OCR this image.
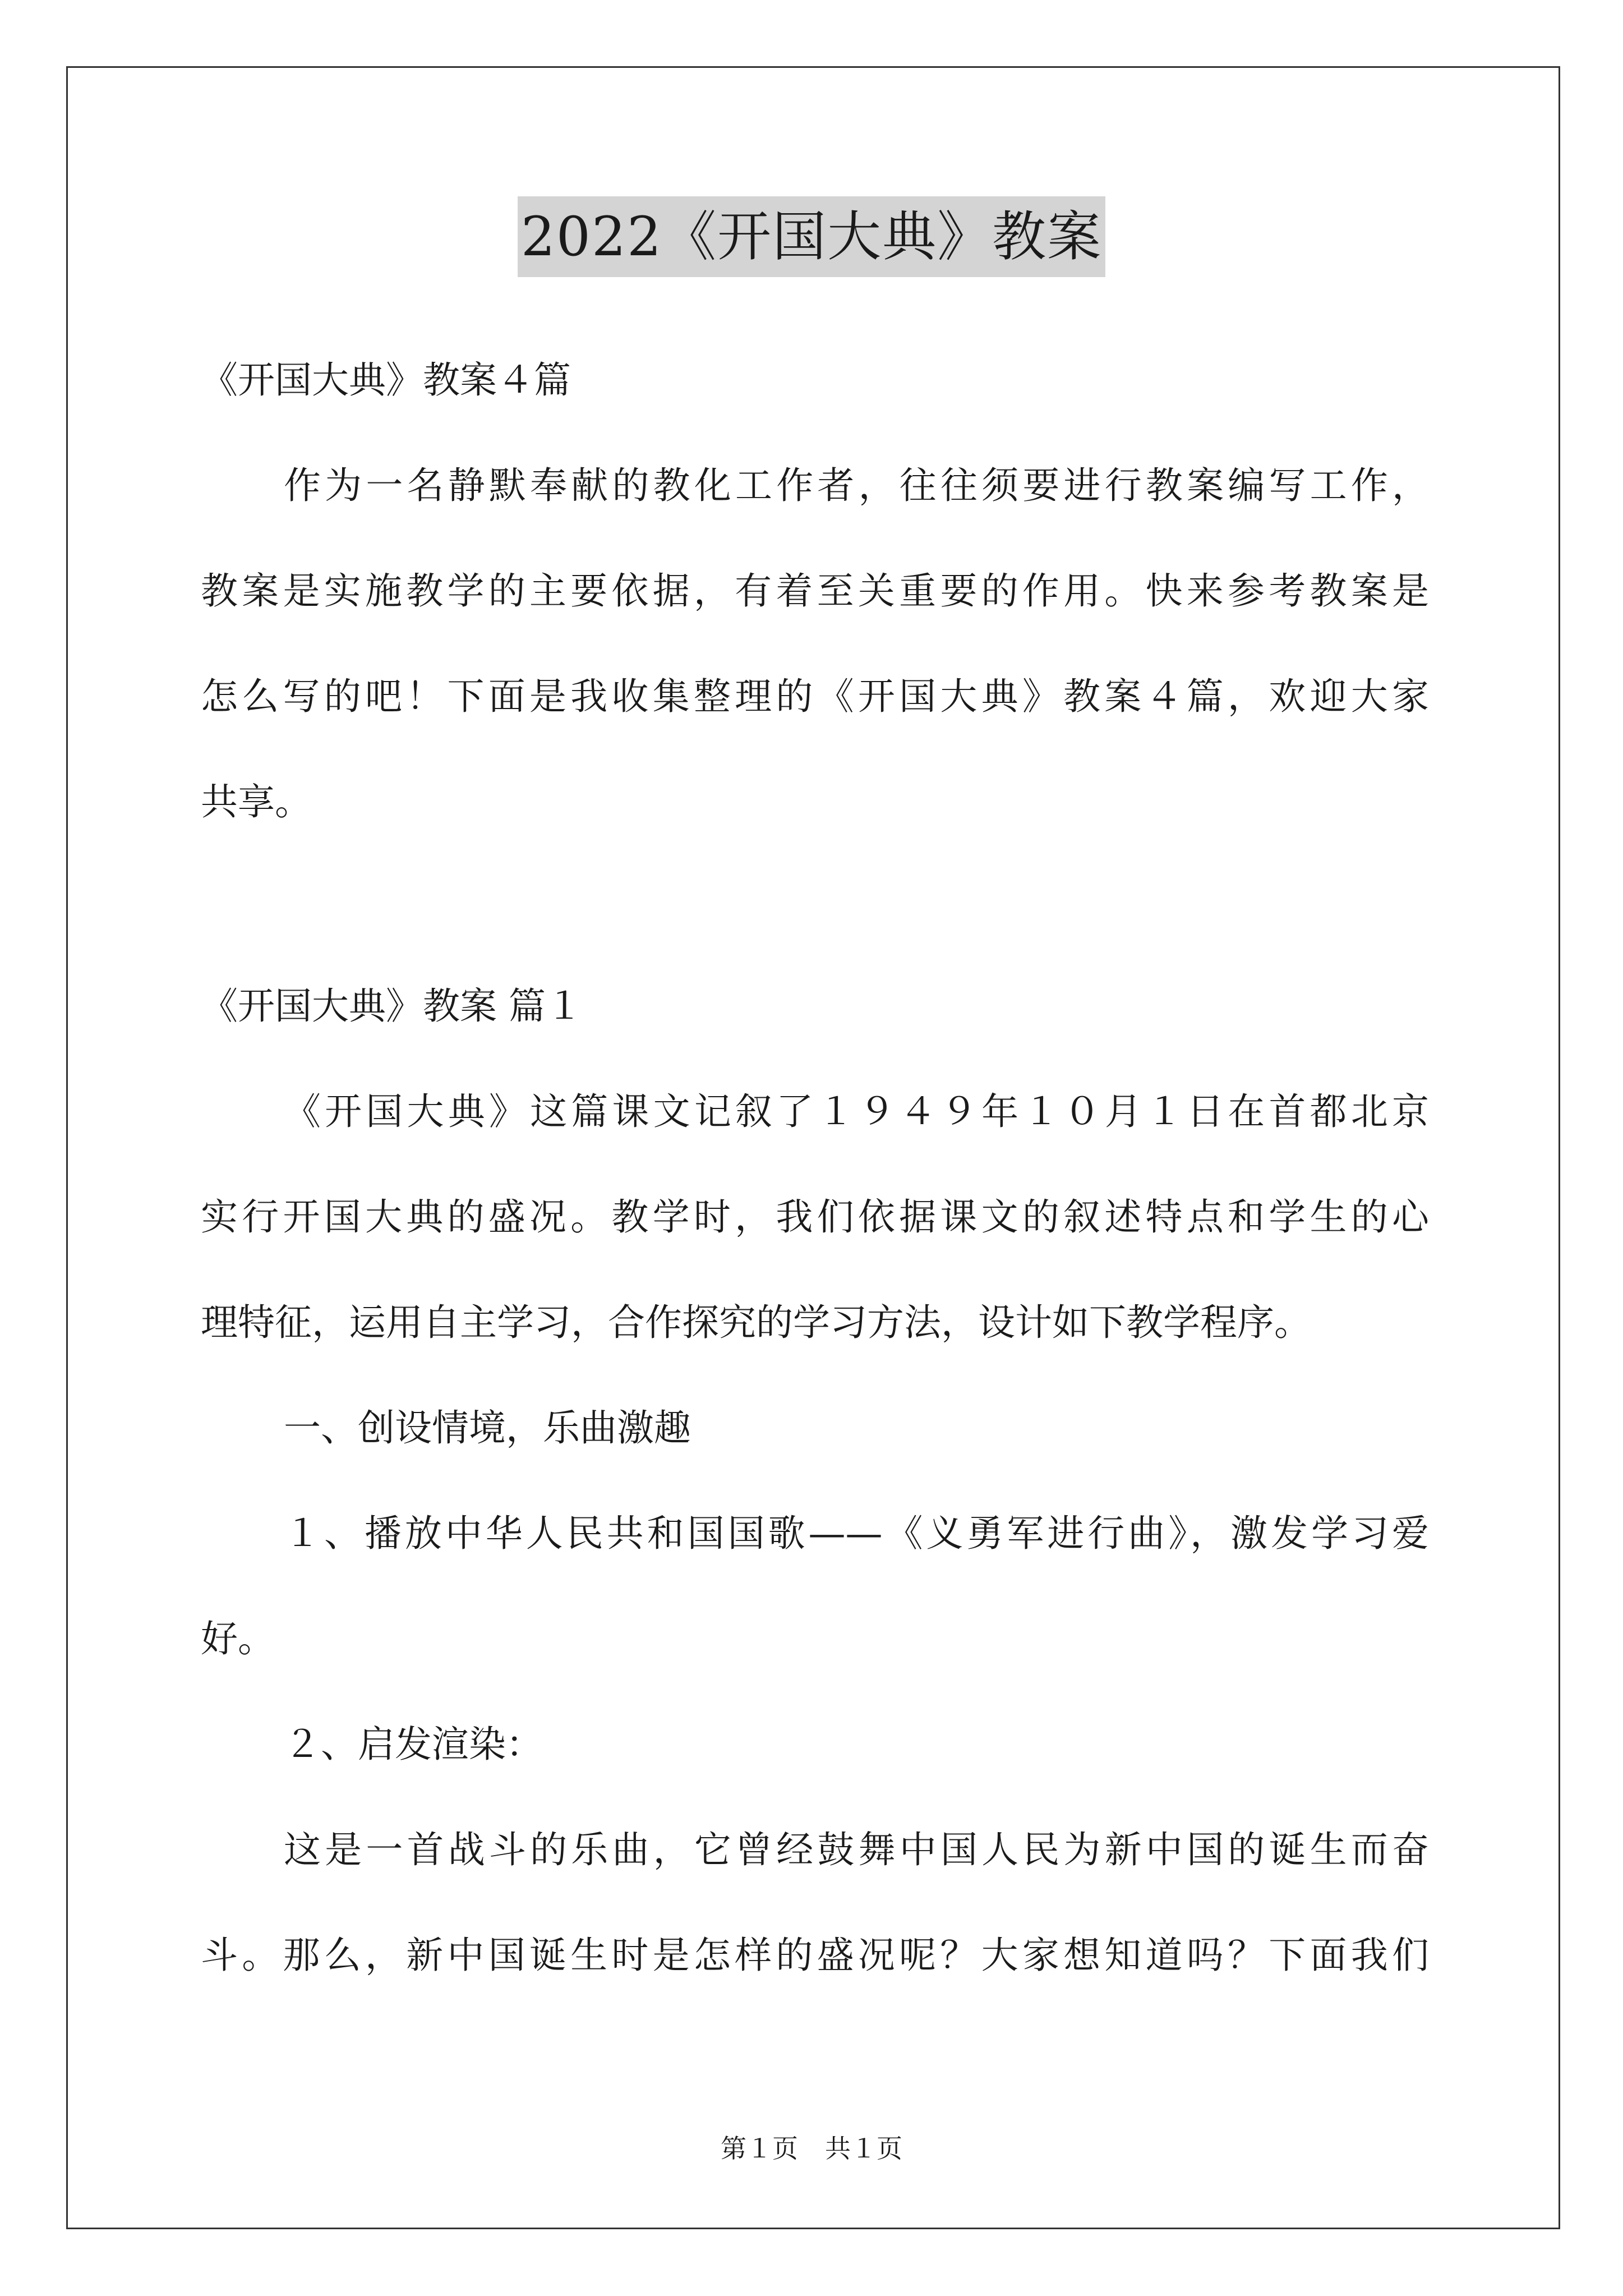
2022《开国大典》教案
《开国大典》教案４篇
作为一名静默奉献的教化工作者，往往须要进行教案编写工作，
教案是实施教学的主要依据，有着至关重要的作用。快来参考教案是
怎么写的吧！下面是我收集整理的《开国大典》教案４篇，欢迎大家
共享。
《开国大典》教案 篇１
《开国大典》这篇课文记叙了１９４９年１０月１日在首都北京
实行开国大典的盛况。教学时，我们依据课文的叙述特点和学生的心
理特征，运用自主学习，合作探究的学习方法，设计如下教学程序。
一、创设情境，乐曲激趣
１、播放中华人民共和国国歌——《义勇军进行曲》，激发学习爱
好。
２、启发渲染：
这是一首战斗的乐曲，它曾经鼓舞中国人民为新中国的诞生而奋
斗。那么，新中国诞生时是怎样的盛况呢？大家想知道吗？下面我们
第１页 共１页
